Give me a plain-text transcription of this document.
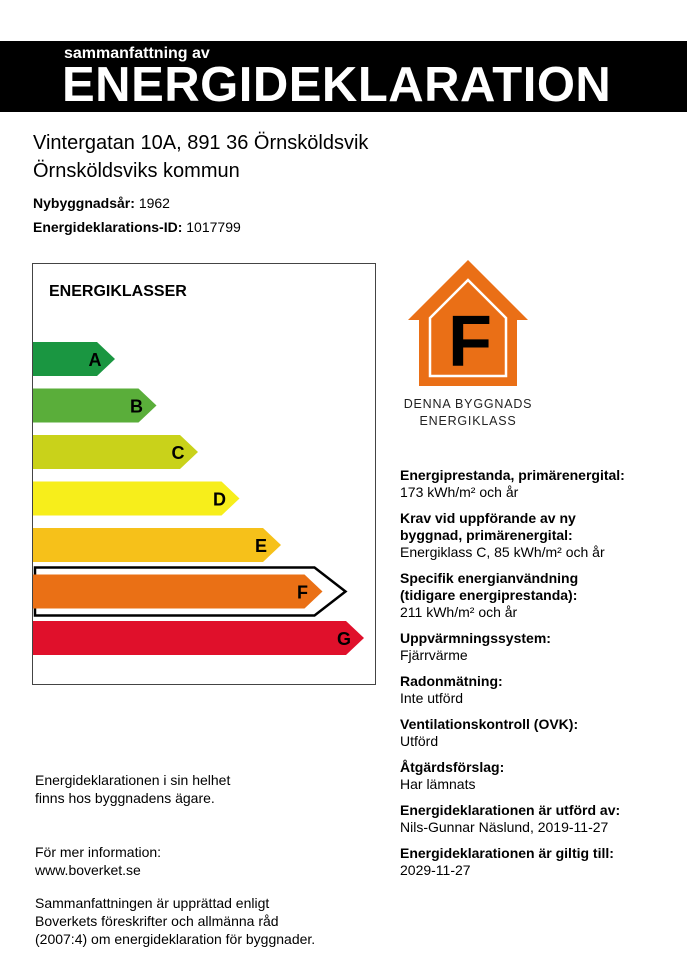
sammanfattning av
ENERGIDEKLARATION
Vintergatan 10A, 891 36 Örnsköldsvik
Örnsköldsviks kommun
Nybyggnadsår: 1962
Energideklarations-ID: 1017799
ENERGIKLASSER
A
B
C
D
E
F
G
F
DENNA BYGGNADS
ENERGIKLASS
Energiprestanda, primärenergital:
173 kWh/m² och år
Krav vid uppförande av ny byggnad, primärenergital:
Energiklass C, 85 kWh/m² och år
Specifik energianvändning (tidigare energiprestanda):
211 kWh/m² och år
Uppvärmningssystem:
Fjärrvärme
Radonmätning:
Inte utförd
Ventilationskontroll (OVK):
Utförd
Åtgärdsförslag:
Har lämnats
Energideklarationen är utförd av:
Nils-Gunnar Näslund, 2019-11-27
Energideklarationen är giltig till:
2029-11-27
Energideklarationen i sin helhet
finns hos byggnadens ägare.
För mer information:
www.boverket.se
Sammanfattningen är upprättad enligt
Boverkets föreskrifter och allmänna råd
(2007:4) om energideklaration för byggnader.
